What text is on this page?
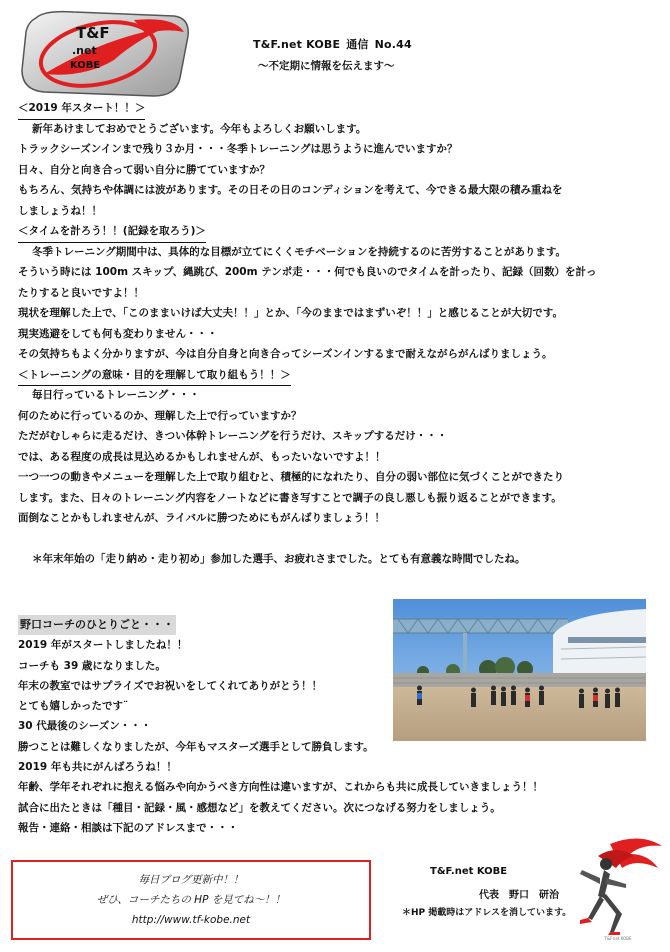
T&F
.net
KOBE
T&F.net KOBE 通信 No.44
～不定期に情報を伝えます～
＜2019 年スタート！！＞
新年あけましておめでとうございます。今年もよろしくお願いします。
トラックシーズンインまで残り３か月・・・冬季トレーニングは思うように進んでいますか？
日々、自分と向き合って弱い自分に勝てていますか？
もちろん、気持ちや体調には波があります。その日その日のコンディションを考えて、今できる最大限の積み重ねを
しましょうね！！
＜タイムを計ろう！！(記録を取ろう)＞
冬季トレーニング期間中は、具体的な目標が立てにくくモチベーションを持続するのに苦労することがあります。
そういう時には 100m スキップ、縄跳び、200m テンポ走・・・何でも良いのでタイムを計ったり、記録（回数）を計っ
たりすると良いですよ！！
現状を理解した上で、「このままいけば大丈夫！！」とか、「今のままではまずいぞ！！」と感じることが大切です。
現実逃避をしても何も変わりません・・・
その気持ちもよく分かりますが、今は自分自身と向き合ってシーズンインするまで耐えながらがんばりましょう。
＜トレーニングの意味・目的を理解して取り組もう！！＞
毎日行っているトレーニング・・・
何のために行っているのか、理解した上で行っていますか？
ただがむしゃらに走るだけ、きつい体幹トレーニングを行うだけ、スキップするだけ・・・
では、ある程度の成長は見込めるかもしれませんが、もったいないですよ！！
一つ一つの動きやメニューを理解した上で取り組むと、積極的になれたり、自分の弱い部位に気づくことができたり
します。また、日々のトレーニング内容をノートなどに書き写すことで調子の良し悪しも振り返ることができます。
面倒なことかもしれませんが、ライバルに勝つためにもがんばりましょう！！
＊年末年始の「走り納め・走り初め」参加した選手、お疲れさまでした。とても有意義な時間でしたね。
野口コーチのひとりごと・・・
2019 年がスタートしましたね！！
コーチも 39 歳になりました。
年末の教室ではサプライズでお祝いをしてくれてありがとう！！
とても嬉しかったです¨
30 代最後のシーズン・・・
勝つことは難しくなりましたが、今年もマスターズ選手として勝負します。
2019 年も共にがんばろうね！！
年齢、学年それぞれに抱える悩みや向かうべき方向性は違いますが、これからも共に成長していきましょう！！
試合に出たときは「種目・記録・風・感想など」を教えてください。次につなげる努力をしましょう。
報告・連絡・相談は下記のアドレスまで・・・
毎日ブログ更新中！！
ぜひ、コーチたちの HP を見てね～！！
http://www.tf-kobe.net
T&F.net KOBE
代表　野口　研治
＊HP 掲載時はアドレスを消しています。
T&F.net KOBE
